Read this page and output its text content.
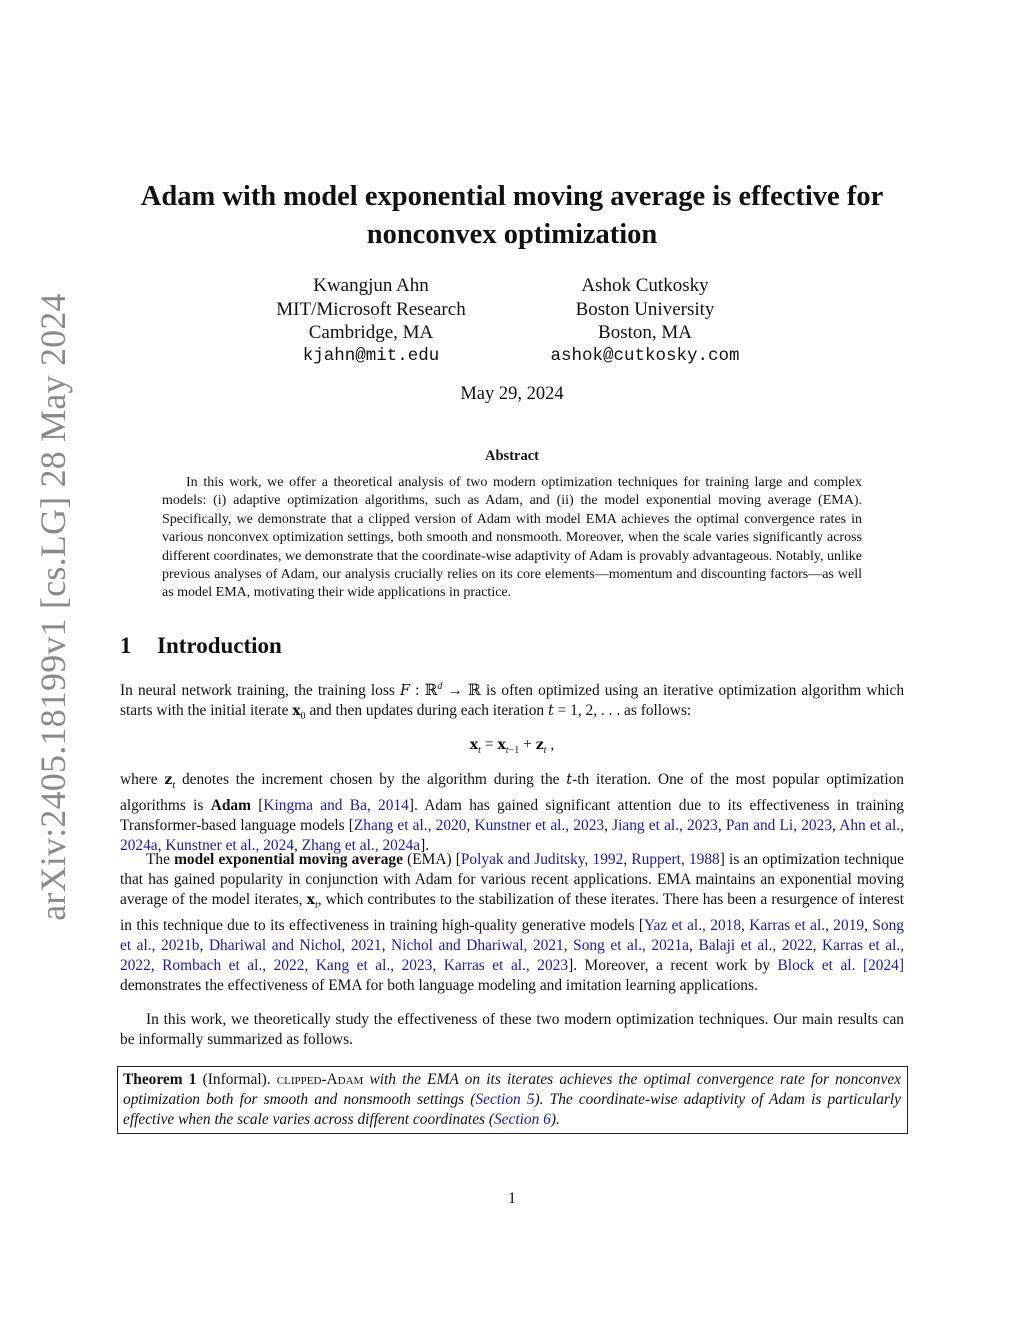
arXiv:2405.18199v1 [cs.LG] 28 May 2024
Adam with model exponential moving average is effective for nonconvex optimization
Kwangjun Ahn
MIT/Microsoft Research
Cambridge, MA
kjahn@mit.edu
Ashok Cutkosky
Boston University
Boston, MA
ashok@cutkosky.com
May 29, 2024
Abstract
In this work, we offer a theoretical analysis of two modern optimization techniques for training large and complex models: (i) adaptive optimization algorithms, such as Adam, and (ii) the model exponential moving average (EMA). Specifically, we demonstrate that a clipped version of Adam with model EMA achieves the optimal convergence rates in various nonconvex optimization settings, both smooth and nonsmooth. Moreover, when the scale varies significantly across different coordinates, we demonstrate that the coordinate-wise adaptivity of Adam is provably advantageous. Notably, unlike previous analyses of Adam, our analysis crucially relies on its core elements—momentum and discounting factors—as well as model EMA, motivating their wide applications in practice.
1 Introduction
In neural network training, the training loss F : ℝ$^d$ → ℝ is often optimized using an iterative optimization algorithm which starts with the initial iterate $x_0$ and then updates during each iteration t = 1, 2, . . . as follows:
$x_t = x_{t-1} + z_t$ ,
where $z_t$ denotes the increment chosen by the algorithm during the t-th iteration. One of the most popular optimization algorithms is Adam [Kingma and Ba, 2014]. Adam has gained significant attention due to its effectiveness in training Transformer-based language models [Zhang et al., 2020, Kunstner et al., 2023, Jiang et al., 2023, Pan and Li, 2023, Ahn et al., 2024a, Kunstner et al., 2024, Zhang et al., 2024a].
The model exponential moving average (EMA) [Polyak and Juditsky, 1992, Ruppert, 1988] is an optimization technique that has gained popularity in conjunction with Adam for various recent applications. EMA maintains an exponential moving average of the model iterates, $x_t$, which contributes to the stabilization of these iterates. There has been a resurgence of interest in this technique due to its effectiveness in training high-quality generative models [Yaz et al., 2018, Karras et al., 2019, Song et al., 2021b, Dhariwal and Nichol, 2021, Nichol and Dhariwal, 2021, Song et al., 2021a, Balaji et al., 2022, Karras et al., 2022, Rombach et al., 2022, Kang et al., 2023, Karras et al., 2023]. Moreover, a recent work by Block et al. [2024] demonstrates the effectiveness of EMA for both language modeling and imitation learning applications.
In this work, we theoretically study the effectiveness of these two modern optimization techniques. Our main results can be informally summarized as follows.
Theorem 1 (Informal). clipped-Adam with the EMA on its iterates achieves the optimal convergence rate for nonconvex optimization both for smooth and nonsmooth settings (Section 5). The coordinate-wise adaptivity of Adam is particularly effective when the scale varies across different coordinates (Section 6).
1
